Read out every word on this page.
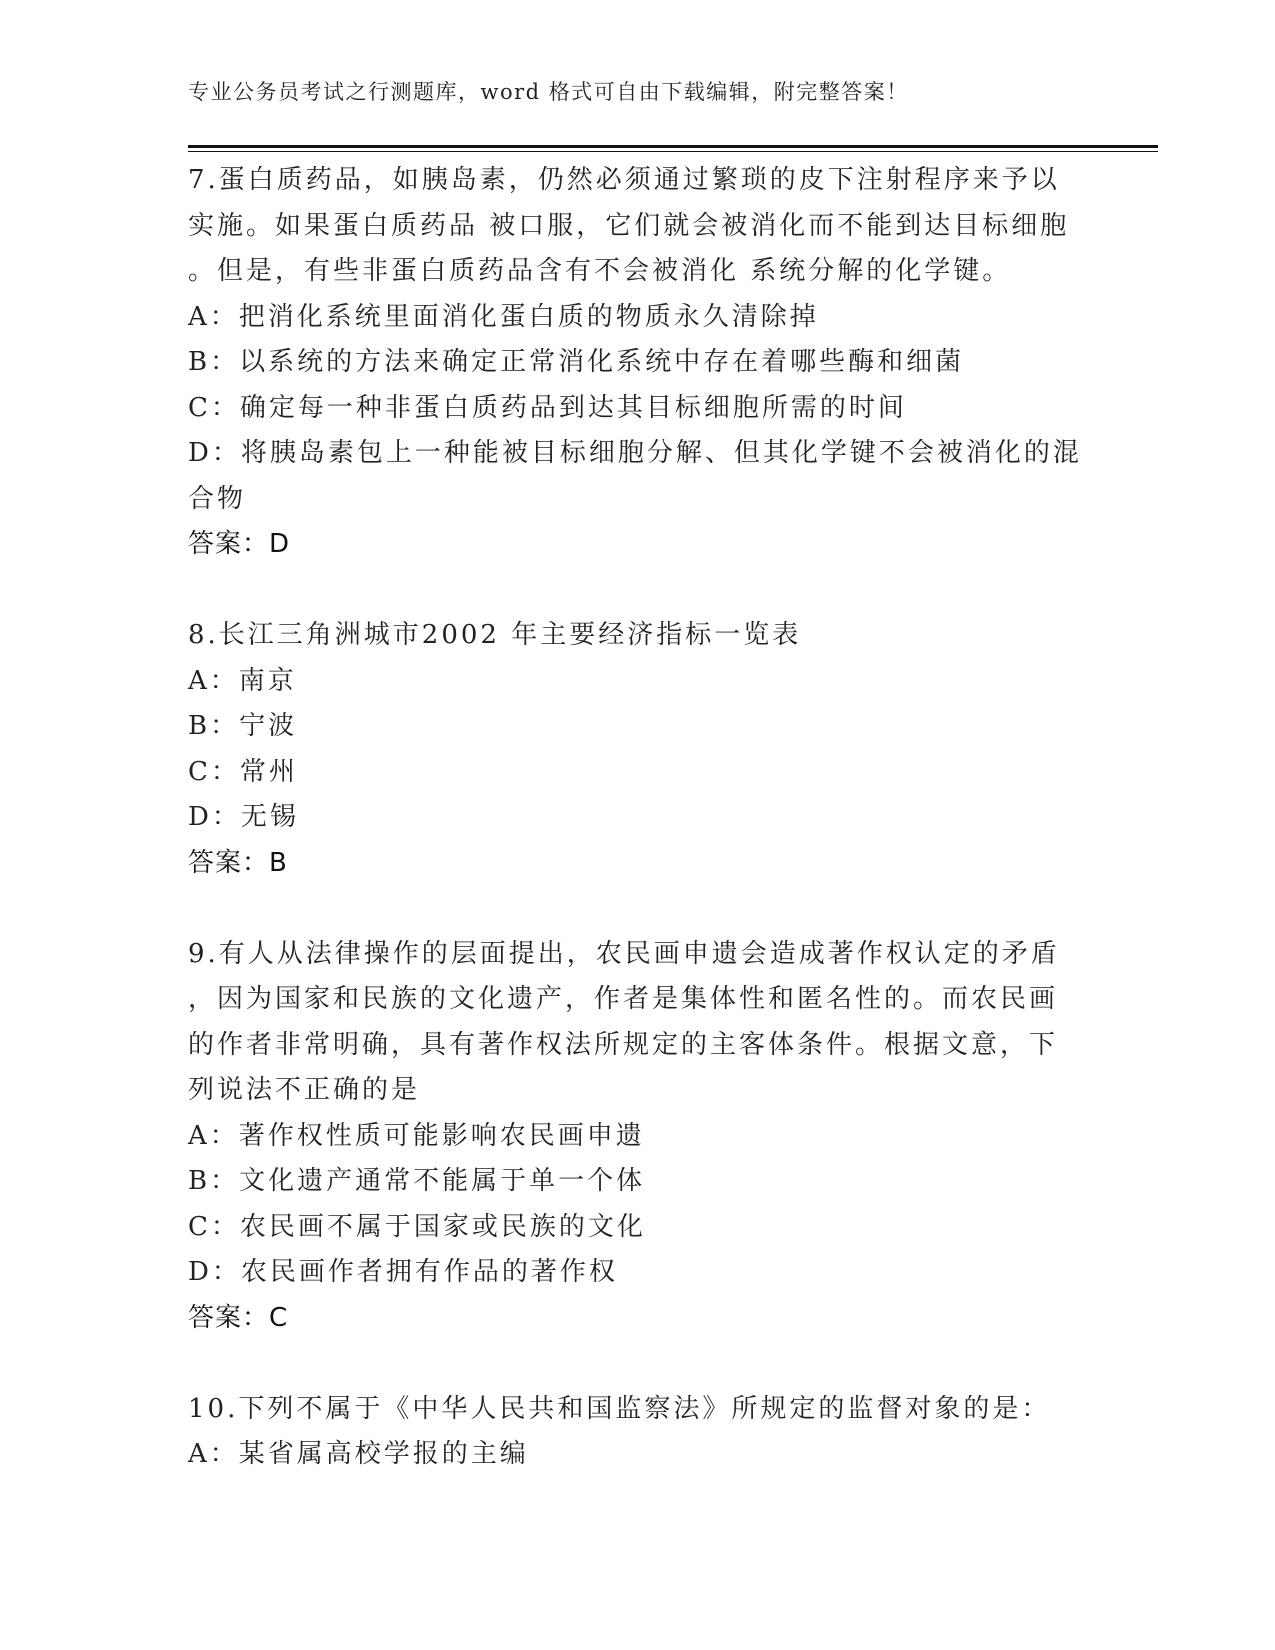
专业公务员考试之行测题库，word 格式可自由下载编辑，附完整答案！
7.蛋白质药品，如胰岛素，仍然必须通过繁琐的皮下注射程序来予以
实施。如果蛋白质药品 被口服，它们就会被消化而不能到达目标细胞
。但是，有些非蛋白质药品含有不会被消化 系统分解的化学键。
A：把消化系统里面消化蛋白质的物质永久清除掉
B：以系统的方法来确定正常消化系统中存在着哪些酶和细菌
C：确定每一种非蛋白质药品到达其目标细胞所需的时间
D：将胰岛素包上一种能被目标细胞分解、但其化学键不会被消化的混
合物
答案：D
8.长江三角洲城市2002 年主要经济指标一览表
A：南京
B：宁波
C：常州
D：无锡
答案：B
9.有人从法律操作的层面提出，农民画申遗会造成著作权认定的矛盾
，因为国家和民族的文化遗产，作者是集体性和匿名性的。而农民画
的作者非常明确，具有著作权法所规定的主客体条件。根据文意，下
列说法不正确的是
A：著作权性质可能影响农民画申遗
B：文化遗产通常不能属于单一个体
C：农民画不属于国家或民族的文化
D：农民画作者拥有作品的著作权
答案：C
10.下列不属于《中华人民共和国监察法》所规定的监督对象的是：
A：某省属高校学报的主编
